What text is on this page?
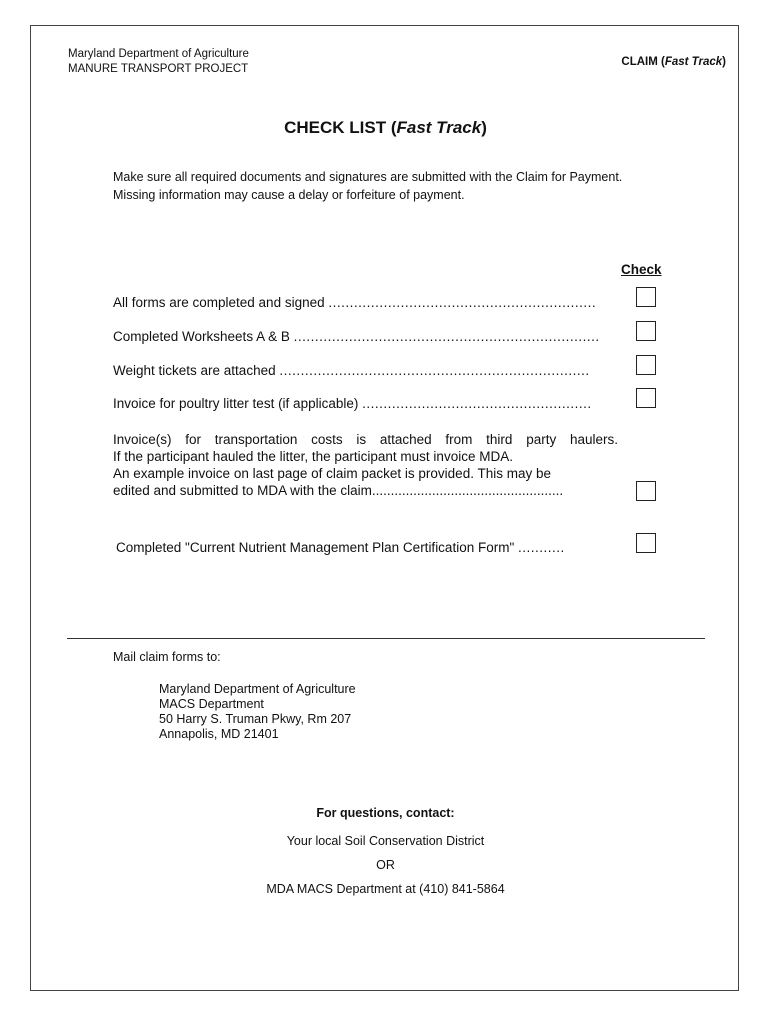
Maryland Department of Agriculture
MANURE TRANSPORT PROJECT
CLAIM (Fast Track)
CHECK LIST (Fast Track)
Make sure all required documents and signatures are submitted with the Claim for Payment. Missing information may cause a delay or forfeiture of payment.
Check
All forms are completed and signed ...............................................................
Completed Worksheets A & B ........................................................................
Weight tickets are attached .........................................................................
Invoice for poultry litter test (if applicable) ......................................................
Invoice(s) for transportation costs is attached from third party haulers.
If the participant hauled the litter, the participant must invoice MDA.
An example invoice on last page of claim packet is provided. This may be
edited and submitted to MDA with the claim...................................................
Completed "Current Nutrient Management Plan Certification Form" ...........
Mail claim forms to:
Maryland Department of Agriculture
MACS Department
50 Harry S. Truman Pkwy, Rm 207
Annapolis, MD 21401
For questions, contact:
Your local Soil Conservation District
OR
MDA MACS Department at (410) 841-5864
